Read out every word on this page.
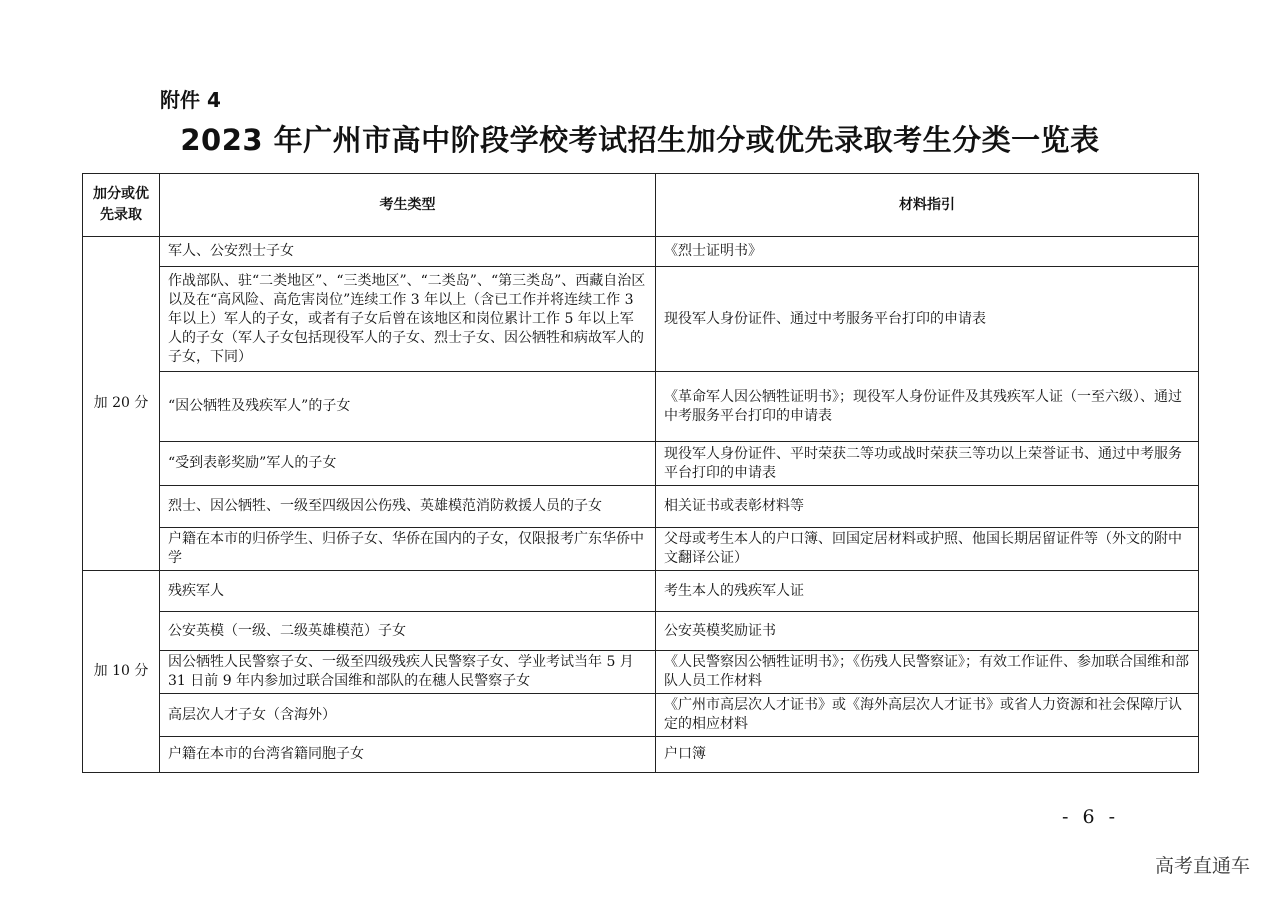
附件 4
2023 年广州市高中阶段学校考试招生加分或优先录取考生分类一览表
加分或优先录取	考生类型	材料指引
加 20 分	军人、公安烈士子女	《烈士证明书》
	作战部队、驻“二类地区”、“三类地区”、“二类岛”、“第三类岛”、西藏自治区以及在“高风险、高危害岗位”连续工作 3 年以上（含已工作并将连续工作 3 年以上）军人的子女，或者有子女后曾在该地区和岗位累计工作 5 年以上军人的子女（军人子女包括现役军人的子女、烈士子女、因公牺牲和病故军人的子女，下同）	现役军人身份证件、通过中考服务平台打印的申请表
	“因公牺牲及残疾军人”的子女	《革命军人因公牺牲证明书》；现役军人身份证件及其残疾军人证（一至六级）、通过中考服务平台打印的申请表
	“受到表彰奖励”军人的子女	现役军人身份证件、平时荣获二等功或战时荣获三等功以上荣誉证书、通过中考服务平台打印的申请表
	烈士、因公牺牲、一级至四级因公伤残、英雄模范消防救援人员的子女	相关证书或表彰材料等
	户籍在本市的归侨学生、归侨子女、华侨在国内的子女，仅限报考广东华侨中学	父母或考生本人的户口簿、回国定居材料或护照、他国长期居留证件等（外文的附中文翻译公证）
加 10 分	残疾军人	考生本人的残疾军人证
	公安英模（一级、二级英雄模范）子女	公安英模奖励证书
	因公牺牲人民警察子女、一级至四级残疾人民警察子女、学业考试当年 5 月 31 日前 9 年内参加过联合国维和部队的在穗人民警察子女	《人民警察因公牺牲证明书》；《伤残人民警察证》；有效工作证件、参加联合国维和部队人员工作材料
	高层次人才子女（含海外）	《广州市高层次人才证书》或《海外高层次人才证书》或省人力资源和社会保障厅认定的相应材料
	户籍在本市的台湾省籍同胞子女	户口簿
- 6 -
高考直通车
